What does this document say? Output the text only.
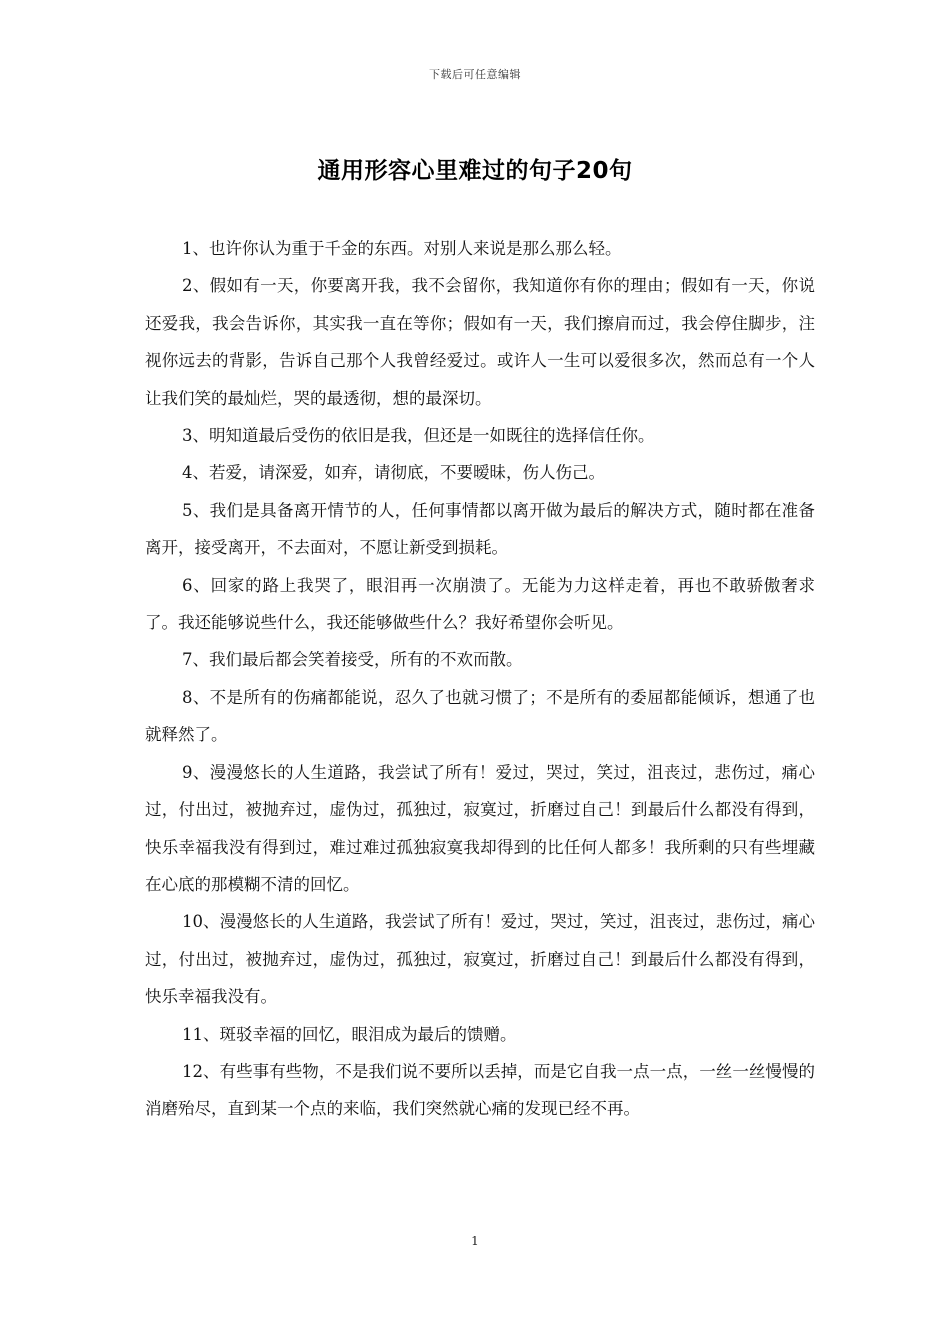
下载后可任意编辑
通用形容心里难过的句子20句

1、也许你认为重于千金的东西。对别人来说是那么那么轻。

2、假如有一天，你要离开我，我不会留你，我知道你有你的理由；假如有一天，你说还爱我，我会告诉你，其实我一直在等你；假如有一天，我们擦肩而过，我会停住脚步，注视你远去的背影，告诉自己那个人我曾经爱过。或许人一生可以爱很多次，然而总有一个人让我们笑的最灿烂，哭的最透彻，想的最深切。

3、明知道最后受伤的依旧是我，但还是一如既往的选择信任你。

4、若爱，请深爱，如弃，请彻底，不要暧昧，伤人伤己。

5、我们是具备离开情节的人，任何事情都以离开做为最后的解决方式，随时都在准备离开，接受离开，不去面对，不愿让新受到损耗。

6、回家的路上我哭了，眼泪再一次崩溃了。无能为力这样走着，再也不敢骄傲奢求了。我还能够说些什么，我还能够做些什么？我好希望你会听见。

7、我们最后都会笑着接受，所有的不欢而散。

8、不是所有的伤痛都能说，忍久了也就习惯了；不是所有的委屈都能倾诉，想通了也就释然了。

9、漫漫悠长的人生道路，我尝试了所有！爱过，哭过，笑过，沮丧过，悲伤过，痛心过，付出过，被抛弃过，虚伪过，孤独过，寂寞过，折磨过自己！到最后什么都没有得到，快乐幸福我没有得到过，难过难过孤独寂寞我却得到的比任何人都多！我所剩的只有些埋藏在心底的那模糊不清的回忆。

10、漫漫悠长的人生道路，我尝试了所有！爱过，哭过，笑过，沮丧过，悲伤过，痛心过，付出过，被抛弃过，虚伪过，孤独过，寂寞过，折磨过自己！到最后什么都没有得到，快乐幸福我没有。

11、斑驳幸福的回忆，眼泪成为最后的馈赠。

12、有些事有些物，不是我们说不要所以丢掉，而是它自我一点一点，一丝一丝慢慢的消磨殆尽，直到某一个点的来临，我们突然就心痛的发现已经不再。

1
